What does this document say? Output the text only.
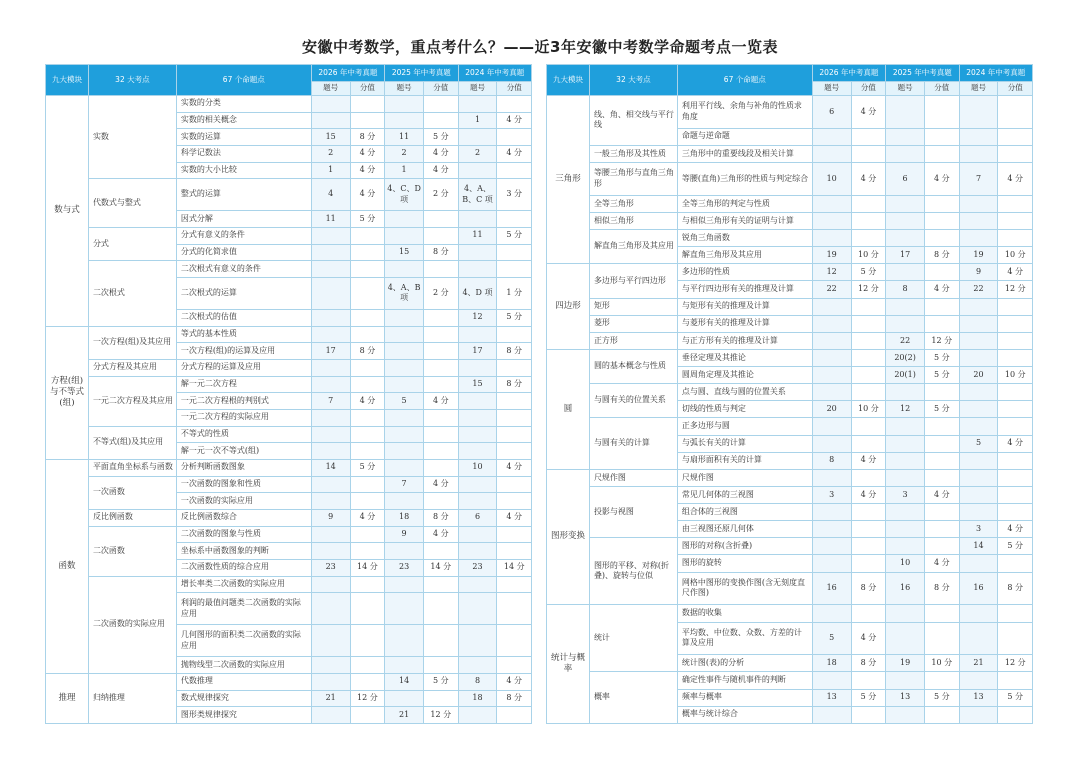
安徽中考数学，重点考什么？——近3年安徽中考数学命题考点一览表
九大模块	32 大考点	67 个命题点	2026 年中考真题		2025 年中考真题		2024 年中考真题	
			题号	分值	题号	分值	题号	分值
数与式	实数	实数的分类						
		实数的相关概念					1	4 分
		实数的运算	15	8 分	11	5 分		
		科学记数法	2	4 分	2	4 分	2	4 分
		实数的大小比较	1	4 分	1	4 分		
	代数式与整式	整式的运算	4	4 分	4、C、D 项	2 分	4、A、B、C 项	3 分
		因式分解	11	5 分				
	分式	分式有意义的条件					11	5 分
		分式的化简求值			15	8 分		
	二次根式	二次根式有意义的条件						
		二次根式的运算			4、A、B 项	2 分	4、D 项	1 分
		二次根式的估值					12	5 分
方程(组)与不等式(组)	一次方程(组)及其应用	等式的基本性质						
		一次方程(组)的运算及应用	17	8 分			17	8 分
	分式方程及其应用	分式方程的运算及应用						
	一元二次方程及其应用	解一元二次方程					15	8 分
		一元二次方程根的判别式	7	4 分	5	4 分		
		一元二次方程的实际应用						
	不等式(组)及其应用	不等式的性质						
		解一元一次不等式(组)						
函数	平面直角坐标系与函数	分析判断函数图象	14	5 分			10	4 分
	一次函数	一次函数的图象和性质			7	4 分		
		一次函数的实际应用						
	反比例函数	反比例函数综合	9	4 分	18	8 分	6	4 分
	二次函数	二次函数的图象与性质			9	4 分		
		坐标系中函数图象的判断						
		二次函数性质的综合应用	23	14 分	23	14 分	23	14 分
	二次函数的实际应用	增长率类二次函数的实际应用						
		利润的最值问题类二次函数的实际应用						
		几何图形的面积类二次函数的实际应用						
		抛物线型二次函数的实际应用						
推理	归纳推理	代数推理			14	5 分	8	4 分
		数式规律探究	21	12 分			18	8 分
		图形类规律探究			21	12 分		
九大模块	32 大考点	67 个命题点	2026 年中考真题		2025 年中考真题		2024 年中考真题	
			题号	分值	题号	分值	题号	分值
三角形	线、角、相交线与平行线	利用平行线、余角与补角的性质求角度	6	4 分				
		命题与逆命题						
	一般三角形及其性质	三角形中的重要线段及相关计算						
	等腰三角形与直角三角形	等腰(直角)三角形的性质与判定综合	10	4 分	6	4 分	7	4 分
	全等三角形	全等三角形的判定与性质						
	相似三角形	与相似三角形有关的证明与计算						
	解直角三角形及其应用	锐角三角函数						
		解直角三角形及其应用	19	10 分	17	8 分	19	10 分
四边形	多边形与平行四边形	多边形的性质	12	5 分			9	4 分
		与平行四边形有关的推理及计算	22	12 分	8	4 分	22	12 分
	矩形	与矩形有关的推理及计算						
	菱形	与菱形有关的推理及计算						
	正方形	与正方形有关的推理及计算			22	12 分		
圆	圆的基本概念与性质	垂径定理及其推论			20(2)	5 分		
		圆周角定理及其推论			20(1)	5 分	20	10 分
	与圆有关的位置关系	点与圆、直线与圆的位置关系						
		切线的性质与判定	20	10 分	12	5 分		
	与圆有关的计算	正多边形与圆						
		与弧长有关的计算					5	4 分
		与扇形面积有关的计算	8	4 分				
图形变换	尺规作图	尺规作图						
	投影与视图	常见几何体的三视图	3	4 分	3	4 分		
		组合体的三视图						
		由三视图还原几何体					3	4 分
	图形的平移、对称(折叠)、旋转与位似	图形的对称(含折叠)					14	5 分
		图形的旋转			10	4 分		
		网格中图形的变换作图(含无刻度直尺作图)	16	8 分	16	8 分	16	8 分
统计与概率	统计	数据的收集						
		平均数、中位数、众数、方差的计算及应用	5	4 分				
		统计图(表)的分析	18	8 分	19	10 分	21	12 分
	概率	确定性事件与随机事件的判断						
		频率与概率	13	5 分	13	5 分	13	5 分
		概率与统计综合						
